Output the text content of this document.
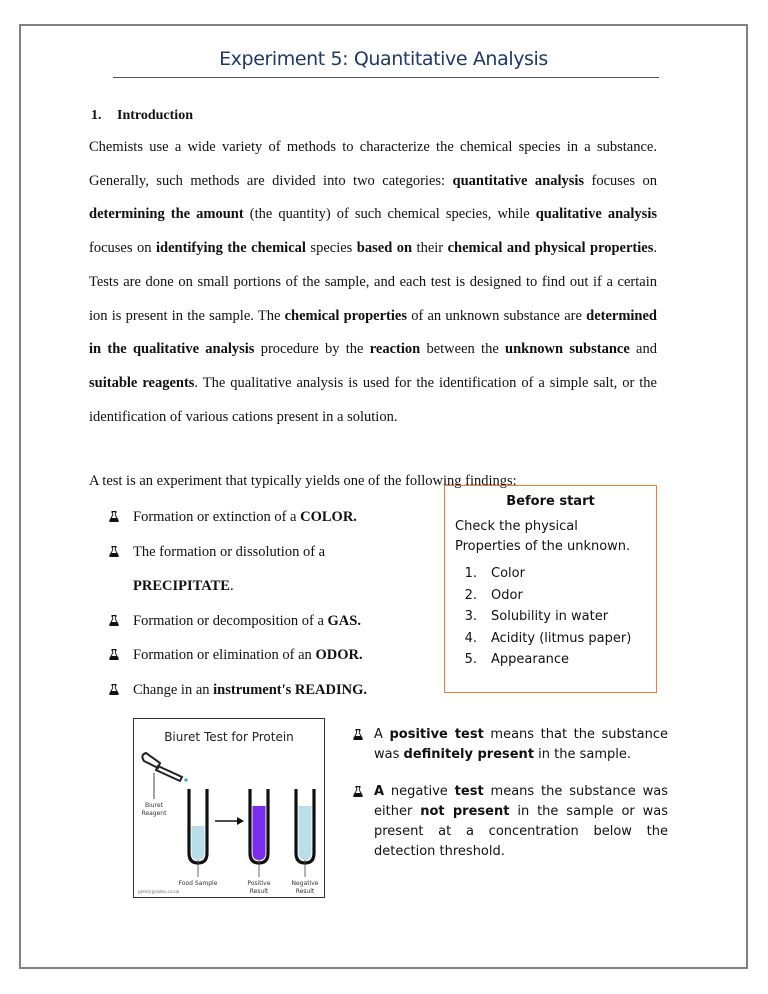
Experiment 5: Quantitative Analysis
1. Introduction

Chemists use a wide variety of methods to characterize the chemical species in a substance. Generally, such methods are divided into two categories: quantitative analysis focuses on determining the amount (the quantity) of such chemical species, while qualitative analysis focuses on identifying the chemical species based on their chemical and physical properties. Tests are done on small portions of the sample, and each test is designed to find out if a certain ion is present in the sample. The chemical properties of an unknown substance are determined in the qualitative analysis procedure by the reaction between the unknown substance and suitable reagents. The qualitative analysis is used for the identification of a simple salt, or the identification of various cations present in a solution.

A test is an experiment that typically yields one of the following findings:

Formation or extinction of a COLOR.
The formation or dissolution of a
PRECIPITATE.
Formation or decomposition of a GAS.
Formation or elimination of an ODOR.
Change in an instrument's READING.
Before start

Check the physical Properties of the unknown.

1. Color
2. Odor
3. Solubility in water
4. Acidity (litmus paper)
5. Appearance
Biuret Test for Protein
Biuret
Reagent
Food Sample	Positive
Result
Negative
Result
getmygrades.co.uk
A positive test means that the substance was definitely present in the sample.
A negative test means the substance was either not present in the sample or was present at a concentration below the detection threshold.
